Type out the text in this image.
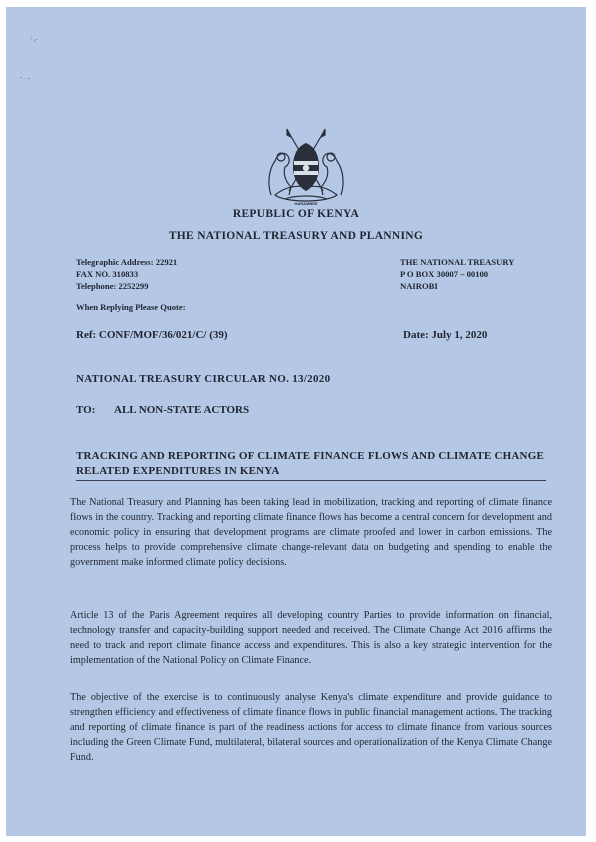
/ ,-
- . ,
HARAMBEE
REPUBLIC OF KENYA
THE NATIONAL TREASURY AND PLANNING
Telegraphic Address: 22921
FAX NO. 310833
Telephone: 2252299
THE NATIONAL TREASURY
P O BOX 30007 – 00100
NAIROBI
When Replying Please Quote:
Ref: CONF/MOF/36/021/C/ (39)	Date: July 1, 2020
NATIONAL TREASURY CIRCULAR NO. 13/2020
TO: ALL NON-STATE ACTORS
TRACKING AND REPORTING OF CLIMATE FINANCE FLOWS AND CLIMATE CHANGE RELATED EXPENDITURES IN KENYA

The National Treasury and Planning has been taking lead in mobilization, tracking and reporting of climate finance flows in the country. Tracking and reporting climate finance flows has become a central concern for development and economic policy in ensuring that development programs are climate proofed and lower in carbon emissions. The process helps to provide comprehensive climate change-relevant data on budgeting and spending to enable the government make informed climate policy decisions.

Article 13 of the Paris Agreement requires all developing country Parties to provide information on financial, technology transfer and capacity-building support needed and received. The Climate Change Act 2016 affirms the need to track and report climate finance access and expenditures. This is also a key strategic intervention for the implementation of the National Policy on Climate Finance.

The objective of the exercise is to continuously analyse Kenya's climate expenditure and provide guidance to strengthen efficiency and effectiveness of climate finance flows in public financial management actions. The tracking and reporting of climate finance is part of the readiness actions for access to climate finance from various sources including the Green Climate Fund, multilateral, bilateral sources and operationalization of the Kenya Climate Change Fund.
